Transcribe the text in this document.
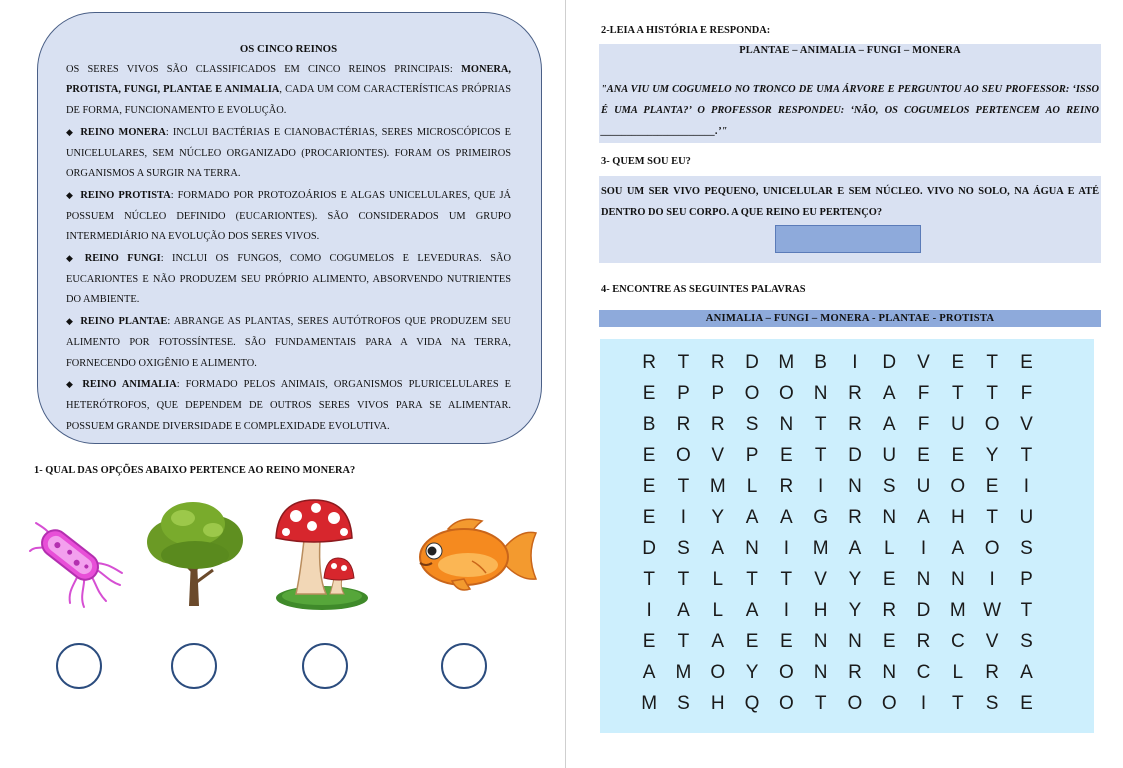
OS CINCO REINOS

OS SERES VIVOS SÃO CLASSIFICADOS EM CINCO REINOS PRINCIPAIS: MONERA, PROTISTA, FUNGI, PLANTAE E ANIMALIA, CADA UM COM CARACTERÍSTICAS PRÓPRIAS DE FORMA, FUNCIONAMENTO E EVOLUÇÃO.

◆ REINO MONERA: INCLUI BACTÉRIAS E CIANOBACTÉRIAS, SERES MICROSCÓPICOS E UNICELULARES, SEM NÚCLEO ORGANIZADO (PROCARIONTES). FORAM OS PRIMEIROS ORGANISMOS A SURGIR NA TERRA.

◆ REINO PROTISTA: FORMADO POR PROTOZOÁRIOS E ALGAS UNICELULARES, QUE JÁ POSSUEM NÚCLEO DEFINIDO (EUCARIONTES). SÃO CONSIDERADOS UM GRUPO INTERMEDIÁRIO NA EVOLUÇÃO DOS SERES VIVOS.

◆ REINO FUNGI: INCLUI OS FUNGOS, COMO COGUMELOS E LEVEDURAS. SÃO EUCARIONTES E NÃO PRODUZEM SEU PRÓPRIO ALIMENTO, ABSORVENDO NUTRIENTES DO AMBIENTE.

◆ REINO PLANTAE: ABRANGE AS PLANTAS, SERES AUTÓTROFOS QUE PRODUZEM SEU ALIMENTO POR FOTOSSÍNTESE. SÃO FUNDAMENTAIS PARA A VIDA NA TERRA, FORNECENDO OXIGÊNIO E ALIMENTO.

◆ REINO ANIMALIA: FORMADO PELOS ANIMAIS, ORGANISMOS PLURICELULARES E HETERÓTROFOS, QUE DEPENDEM DE OUTROS SERES VIVOS PARA SE ALIMENTAR. POSSUEM GRANDE DIVERSIDADE E COMPLEXIDADE EVOLUTIVA.

1- QUAL DAS OPÇÕES ABAIXO PERTENCE AO REINO MONERA?
2-LEIA A HISTÓRIA E RESPONDA:
PLANTAE – ANIMALIA – FUNGI – MONERA
"ANA VIU UM COGUMELO NO TRONCO DE UMA ÁRVORE E PERGUNTOU AO SEU PROFESSOR: ‘ISSO É UMA PLANTA?’ O PROFESSOR RESPONDEU: ‘NÃO, OS COGUMELOS PERTENCEM AO REINO ______________________.’"
3- QUEM SOU EU?
SOU UM SER VIVO PEQUENO, UNICELULAR E SEM NÚCLEO. VIVO NO SOLO, NA ÁGUA E ATÉ DENTRO DO SEU CORPO. A QUE REINO EU PERTENÇO?
4- ENCONTRE AS SEGUINTES PALAVRAS
ANIMALIA – FUNGI – MONERA - PLANTAE - PROTISTA
R	T	R	D	M	B	I	D	V	E	T	E
E	P	P	O	O	N	R	A	F	T	T	F
B	R	R	S	N	T	R	A	F	U	O	V
E	O	V	P	E	T	D	U	E	E	Y	T
E	T	M	L	R	I	N	S	U	O	E	I
E	I	Y	A	A	G	R	N	A	H	T	U
D	S	A	N	I	M	A	L	I	A	O	S
T	T	L	T	T	V	Y	E	N	N	I	P
I	A	L	A	I	H	Y	R	D	M	W	T
E	T	A	E	E	N	N	E	R	C	V	S
A	M	O	Y	O	N	R	N	C	L	R	A
M	S	H	Q	O	T	O	O	I	T	S	E
